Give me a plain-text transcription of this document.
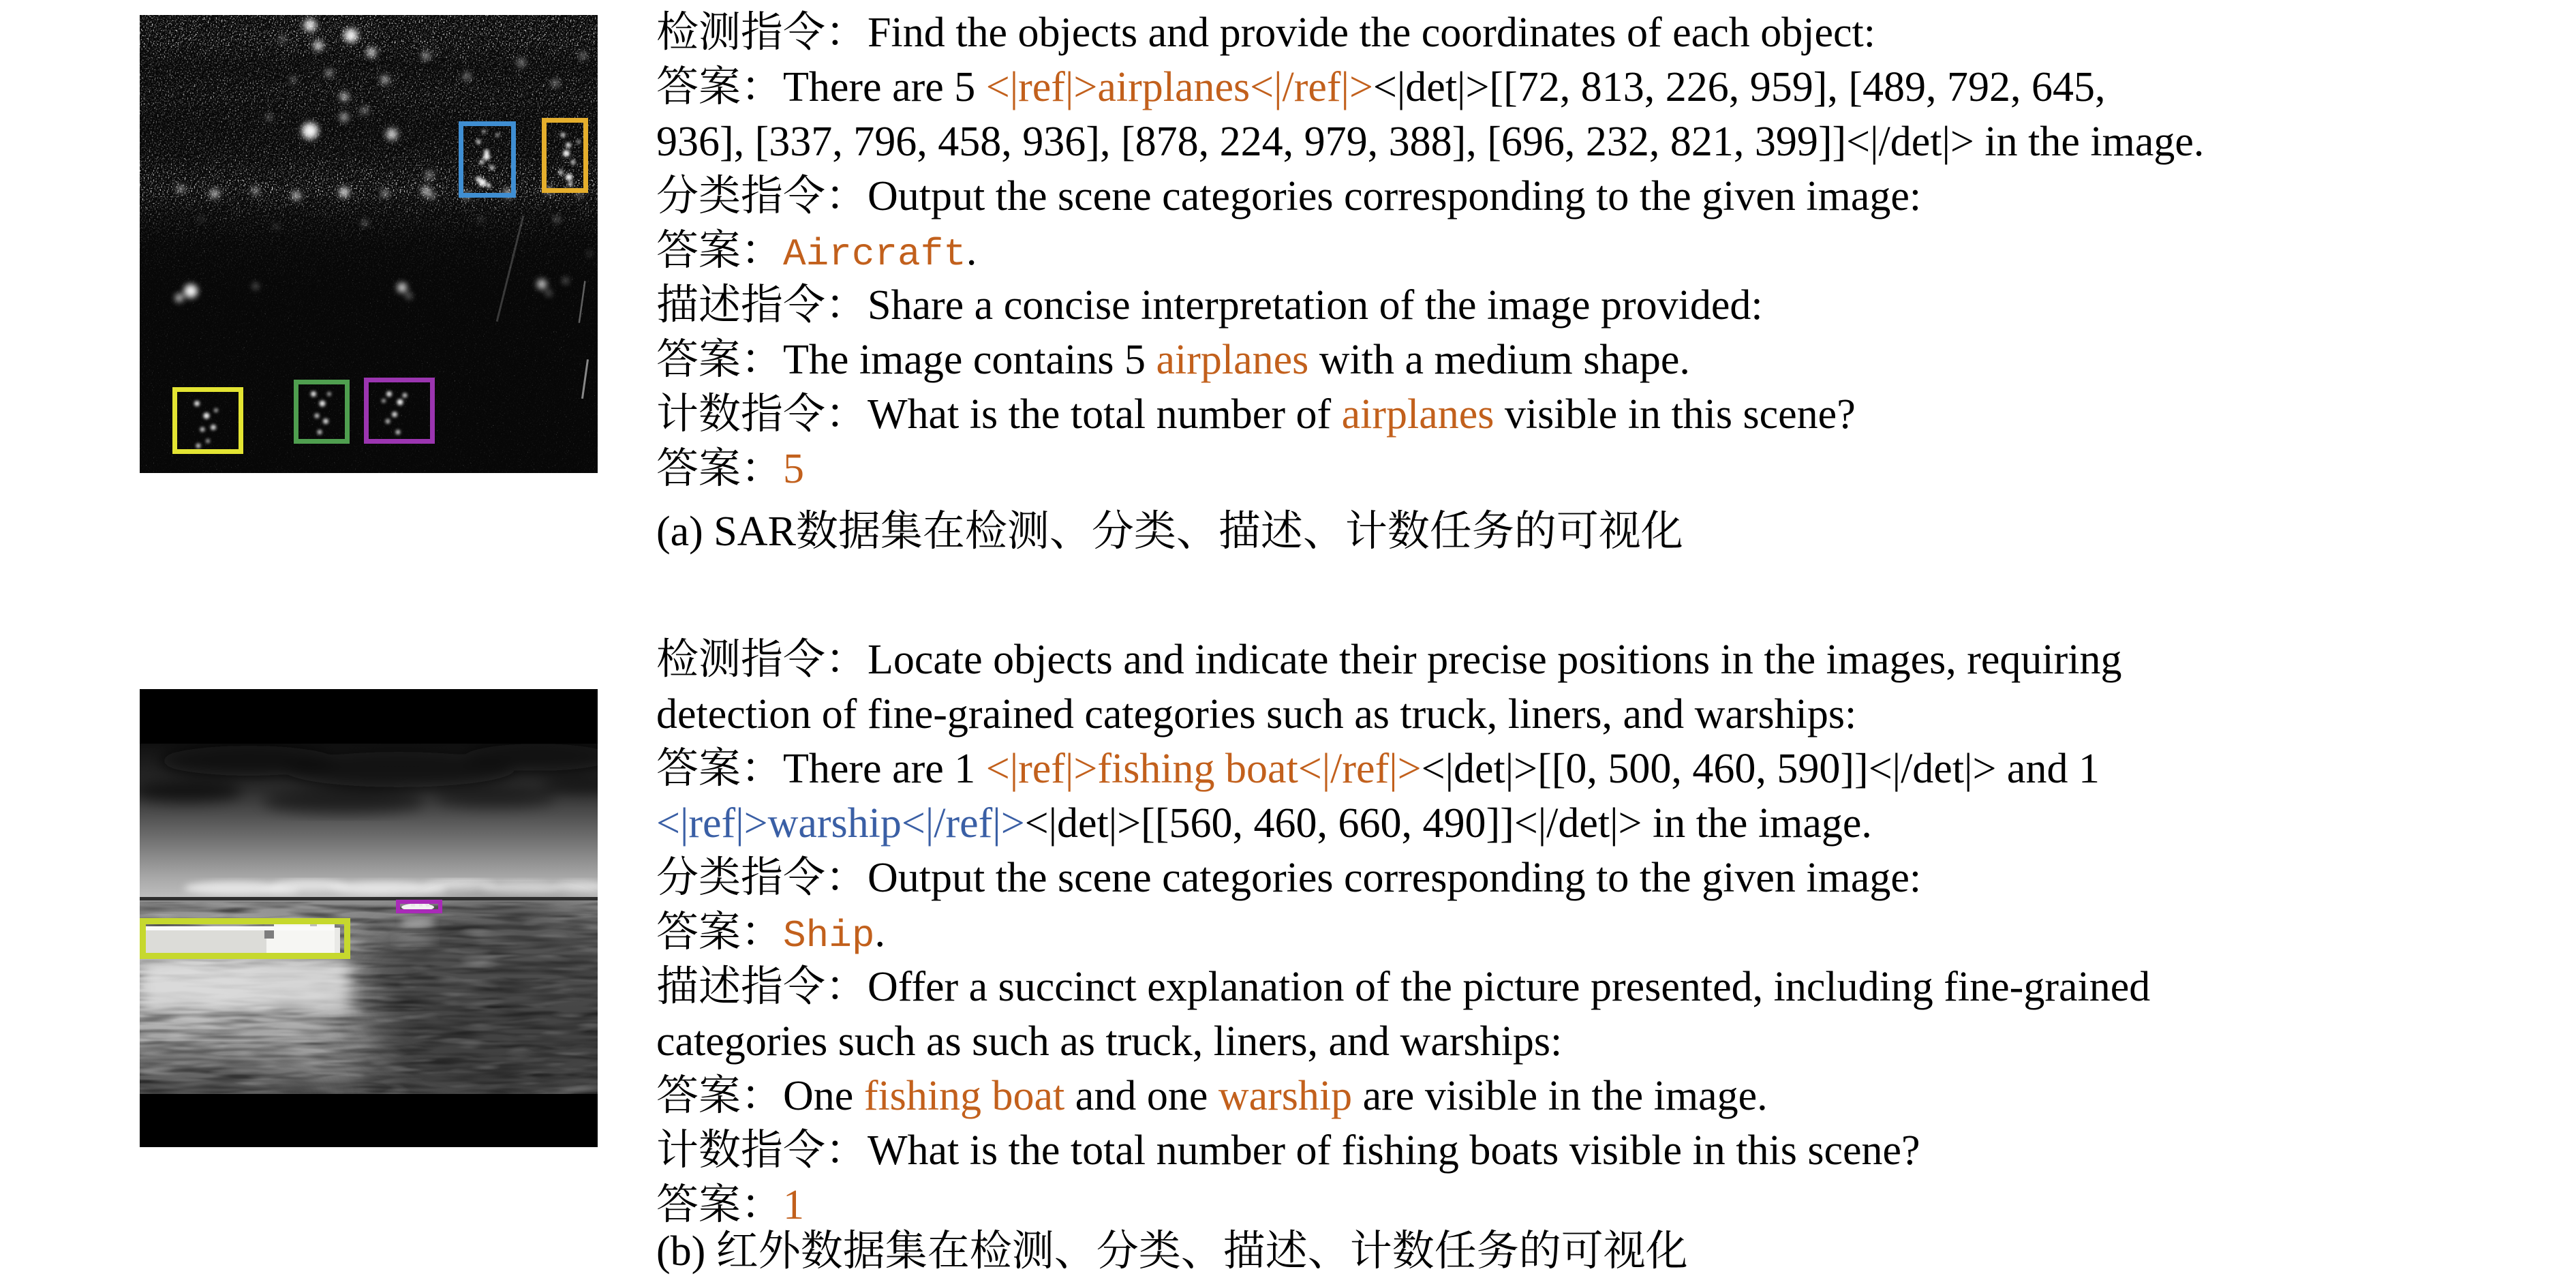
检测指令：Find the objects and provide the coordinates of each object:
答案：There are 5 <|ref|>airplanes<|/ref|><|det|>[[72, 813, 226, 959], [489, 792, 645,
936], [337, 796, 458, 936], [878, 224, 979, 388], [696, 232, 821, 399]]<|/det|> in the image.
分类指令：Output the scene categories corresponding to the given image:
答案：Aircraft.
描述指令：Share a concise interpretation of the image provided:
答案：The image contains 5 airplanes with a medium shape.
计数指令：What is the total number of airplanes visible in this scene?
答案：5
(a) SAR数据集在检测、分类、描述、计数任务的可视化
检测指令：Locate objects and indicate their precise positions in the images, requiring
detection of fine-grained categories such as truck, liners, and warships:
答案：There are 1 <|ref|>fishing boat<|/ref|><|det|>[[0, 500, 460, 590]]<|/det|> and 1
<|ref|>warship<|/ref|><|det|>[[560, 460, 660, 490]]<|/det|> in the image.
分类指令：Output the scene categories corresponding to the given image:
答案：Ship.
描述指令：Offer a succinct explanation of the picture presented, including fine-grained
categories such as such as truck, liners, and warships:
答案：One fishing boat and one warship are visible in the image.
计数指令：What is the total number of fishing boats visible in this scene?
答案：1
(b) 红外数据集在检测、分类、描述、计数任务的可视化
